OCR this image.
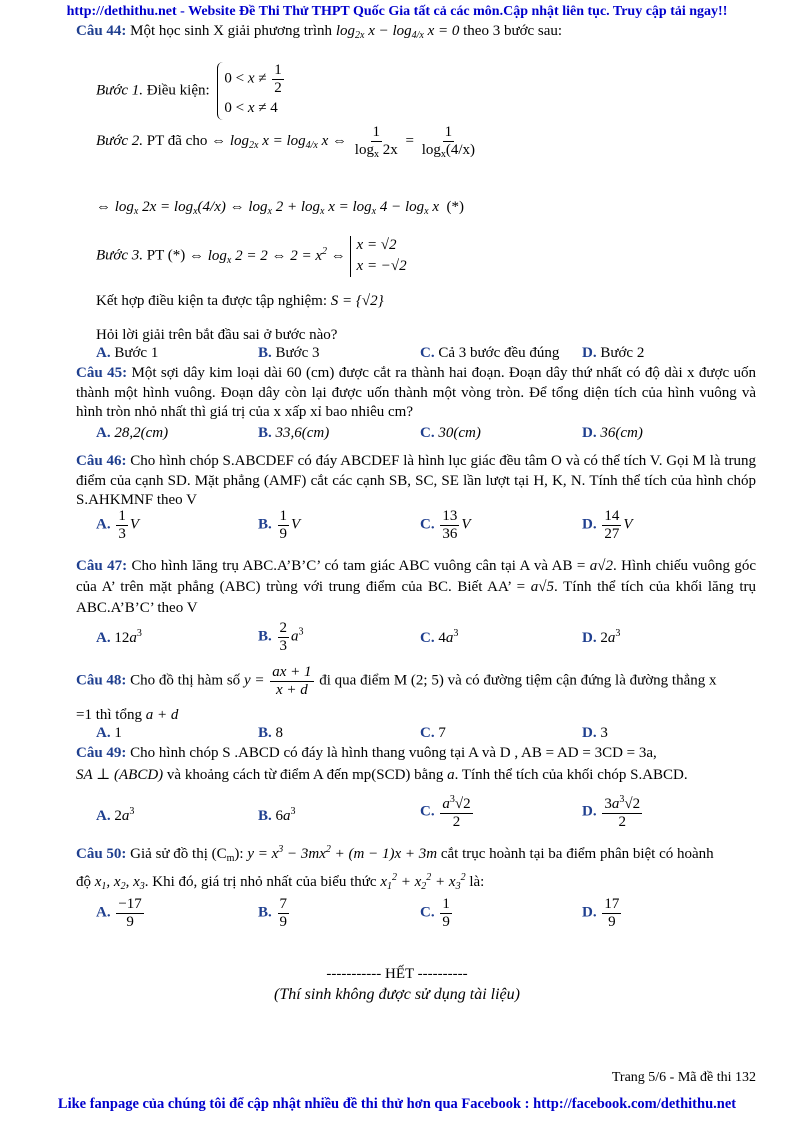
http://dethithu.net - Website Đề Thi Thử THPT Quốc Gia tất cả các môn.Cập nhật liên tục. Truy cập tải ngay!!
Câu 44: Một học sinh X giải phương trình $\log_{2x} x - \log_{4/x} x = 0$ theo 3 bước sau:
Bước 1. Điều kiện:
$0 < x \ne \frac{1}{2}$
0 < x ≠ 4
Bước 2. PT đã cho ⇔ $\log_{2x} x = \log_{4/x} x$ ⇔ $\frac{1}{\log_x 2x} = \frac{1}{\log_x(4/x)}$
⇔ $\log_x 2x = \log_x(4/x)$ ⇔ $\log_x 2 + \log_x x = \log_x 4 - \log_x x$  (*)
Bước 3. PT (*) ⇔ $\log_x 2 = 2$ ⇔ $2 = x^2$ ⇔
x = √2
x = −√2
Kết hợp điều kiện ta được tập nghiệm: S = {√2}
Hỏi lời giải trên bắt đầu sai ở bước nào?
A. Bước 1	B. Bước 3	C. Cả 3 bước đều đúng D. Bước 2
Câu 45: Một sợi dây kim loại dài 60 (cm) được cắt ra thành hai đoạn. Đoạn dây thứ nhất có độ dài x được uốn thành một hình vuông. Đoạn dây còn lại được uốn thành một vòng tròn. Để tổng diện tích của hình vuông và hình tròn nhỏ nhất thì giá trị của x xấp xỉ bao nhiêu cm?
A. 28,2(cm)	B. 33,6(cm)	C. 30(cm)	D. 36(cm)
Câu 46: Cho hình chóp S.ABCDEF có đáy ABCDEF là hình lục giác đều tâm O và có thể tích V. Gọi M là trung điểm của cạnh SD. Mặt phẳng (AMF) cắt các cạnh SB, SC, SE lần lượt tại H, K, N. Tính thể tích của hình chóp S.AHKMNF theo V
A. $\frac{1}{3}$ V	B. $\frac{1}{9}$ V	C. $\frac{13}{36}$ V	D. $\frac{14}{27}$ V
Câu 47: Cho hình lăng trụ ABC.A’B’C’ có tam giác ABC vuông cân tại A và AB = a√2. Hình chiếu vuông góc của A’ trên mặt phẳng (ABC) trùng với trung điểm của BC. Biết AA’ = a√5. Tính thể tích của khối lăng trụ ABC.A’B’C’ theo V
A. $12a^3$	B. $\frac{2}{3} a^3$	C. $4a^3$	D. $2a^3$
Câu 48: Cho đồ thị hàm số $y = \frac{ax + 1}{x + d}$ đi qua điểm M (2; 5) và có đường tiệm cận đứng là đường thẳng x
=1 thì tổng a + d
A. 1	B. 8	C. 7	D. 3
Câu 49: Cho hình chóp S .ABCD có đáy là hình thang vuông tại A và D , AB = AD = 3CD = 3a,
SA ⊥ (ABCD) và khoảng cách từ điểm A đến mp(SCD) bằng a. Tính thể tích của khối chóp S.ABCD.
A. $2a^3$	B. $6a^3$	C. $\frac{a^3√2}{2}$	D. $\frac{3a^3√2}{2}$
Câu 50: Giả sử đồ thị $(C_m)$: $y = x^3 - 3mx^2 + (m - 1)x + 3m$ cắt trục hoành tại ba điểm phân biệt có hoành
độ $x_1$, $x_2$, $x_3$. Khi đó, giá trị nhỏ nhất của biểu thức $x_1^2 + x_2^2 + x_3^2$ là:
A. $\frac{-17}{9}$	B. $\frac{7}{9}$	C. $\frac{1}{9}$	D. $\frac{17}{9}$
----------- HẾT ----------
(Thí sinh không được sử dụng tài liệu)
Trang 5/6 - Mã đề thi 132
Like fanpage của chúng tôi để cập nhật nhiều đề thi thử hơn qua Facebook : http://facebook.com/dethithu.net
